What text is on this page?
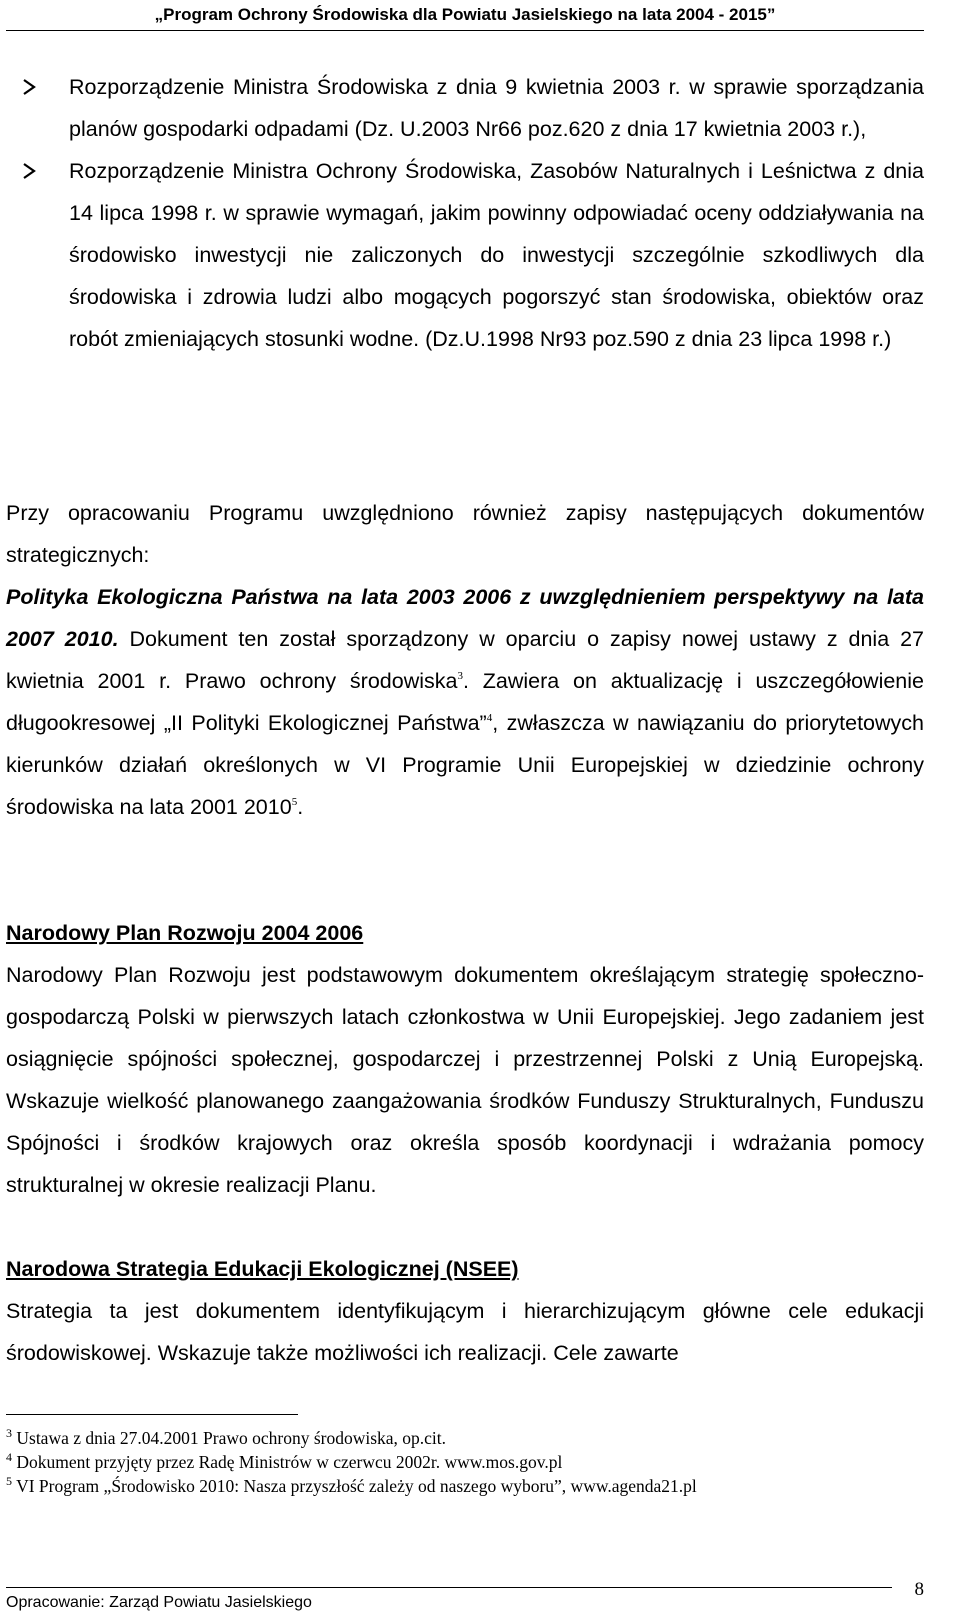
„Program Ochrony Środowiska dla Powiatu Jasielskiego na lata 2004 - 2015”
Rozporządzenie Ministra Środowiska z dnia 9 kwietnia 2003 r. w sprawie sporządzania planów gospodarki odpadami (Dz. U.2003 Nr66 poz.620 z dnia 17 kwietnia 2003 r.),
Rozporządzenie Ministra Ochrony Środowiska, Zasobów Naturalnych i Leśnictwa z dnia 14 lipca 1998 r. w sprawie wymagań, jakim powinny odpowiadać oceny oddziaływania na środowisko inwestycji nie zaliczonych do inwestycji szczególnie szkodliwych dla środowiska i zdrowia ludzi albo mogących pogorszyć stan środowiska, obiektów oraz robót zmieniających stosunki wodne. (Dz.U.1998 Nr93 poz.590 z dnia 23 lipca 1998 r.)

Przy opracowaniu Programu uwzględniono również zapisy następujących dokumentów strategicznych:

Polityka Ekologiczna Państwa na lata 2003 2006 z uwzględnieniem perspektywy na lata 2007 2010. Dokument ten został sporządzony w oparciu o zapisy nowej ustawy z dnia 27 kwietnia 2001 r. Prawo ochrony środowiska$^3$. Zawiera on aktualizację i uszczegółowienie długookresowej „II Polityki Ekologicznej Państwa”$^4$, zwłaszcza w nawiązaniu do priorytetowych kierunków działań określonych w VI Programie Unii Europejskiej w dziedzinie ochrony środowiska na lata 2001 2010$^5$.

Narodowy Plan Rozwoju 2004 2006
Narodowy Plan Rozwoju jest podstawowym dokumentem określającym strategię społeczno-gospodarczą Polski w pierwszych latach członkostwa w Unii Europejskiej. Jego zadaniem jest osiągnięcie spójności społecznej, gospodarczej i przestrzennej Polski z Unią Europejską. Wskazuje wielkość planowanego zaangażowania środków Funduszy Strukturalnych, Funduszu Spójności i środków krajowych oraz określa sposób koordynacji i wdrażania pomocy strukturalnej w okresie realizacji Planu.

Narodowa Strategia Edukacji Ekologicznej (NSEE)
Strategia ta jest dokumentem identyfikującym i hierarchizującym główne cele edukacji środowiskowej. Wskazuje także możliwości ich realizacji. Cele zawarte

$^3$ Ustawa z dnia 27.04.2001 Prawo ochrony środowiska, op.cit.
$^4$ Dokument przyjęty przez Radę Ministrów w czerwcu 2002r. www.mos.gov.pl
$^5$ VI Program „Środowisko 2010: Nasza przyszłość zależy od naszego wyboru”, www.agenda21.pl
Opracowanie: Zarząd Powiatu Jasielskiego
8
